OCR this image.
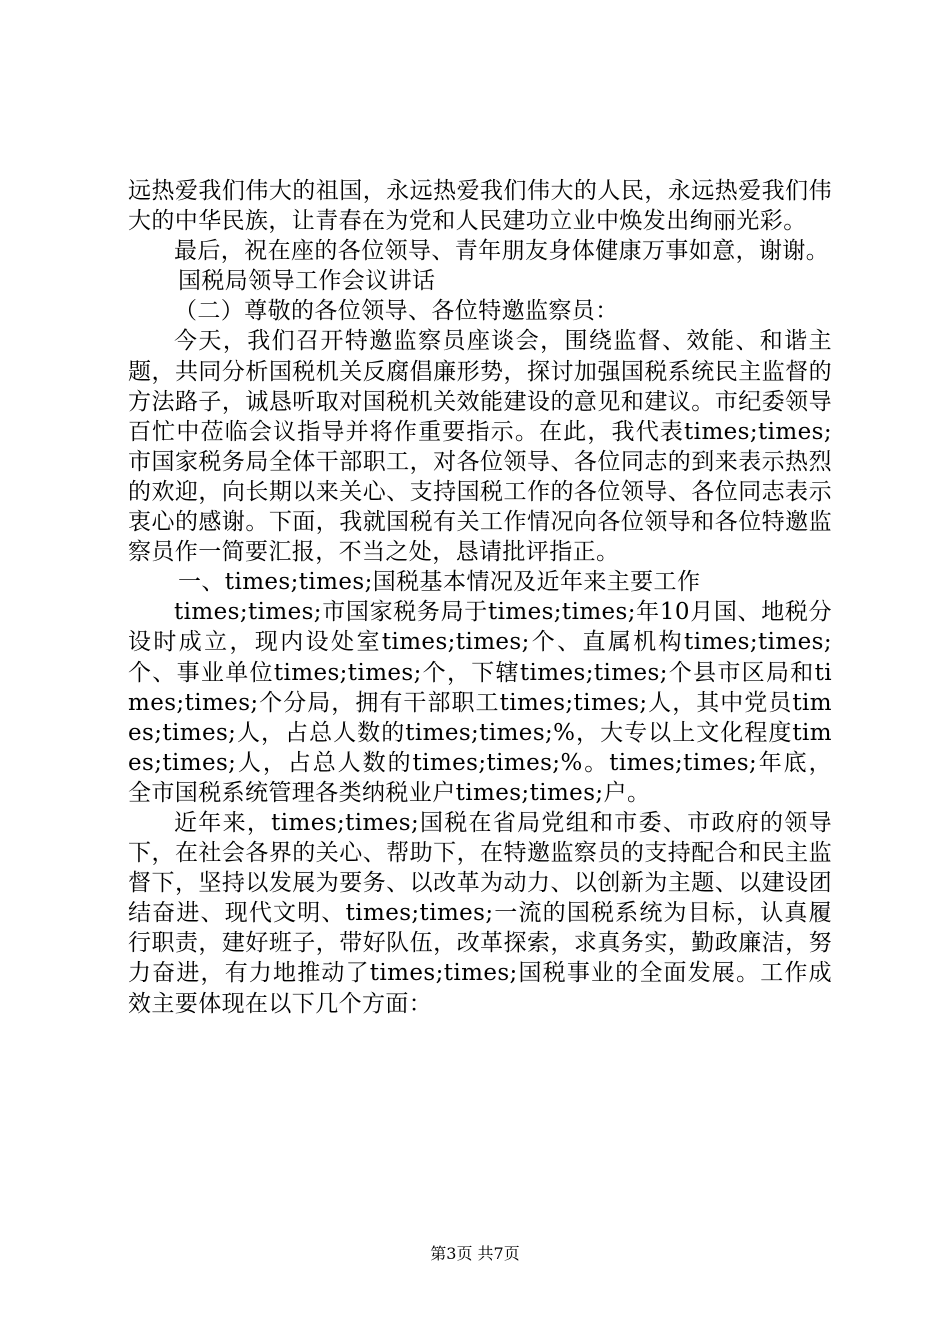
远热爱我们伟大的祖国，永远热爱我们伟大的人民，永远热爱我们伟大的中华民族，让青春在为党和人民建功立业中焕发出绚丽光彩。

最后，祝在座的各位领导、青年朋友身体健康万事如意，谢谢。

国税局领导工作会议讲话

（二）尊敬的各位领导、各位特邀监察员：

今天，我们召开特邀监察员座谈会，围绕监督、效能、和谐主题，共同分析国税机关反腐倡廉形势，探讨加强国税系统民主监督的方法路子，诚恳听取对国税机关效能建设的意见和建议。市纪委领导百忙中莅临会议指导并将作重要指示。在此，我代表times;times;市国家税务局全体干部职工，对各位领导、各位同志的到来表示热烈的欢迎，向长期以来关心、支持国税工作的各位领导、各位同志表示衷心的感谢。下面，我就国税有关工作情况向各位领导和各位特邀监察员作一简要汇报，不当之处，恳请批评指正。

一、times;times;国税基本情况及近年来主要工作

times;times;市国家税务局于times;times;年10月国、地税分设时成立，现内设处室times;times;个、直属机构times;times;个、事业单位times;times;个，下辖times;times;个县市区局和times;times;个分局，拥有干部职工times;times;人，其中党员times;times;人，占总人数的times;times;%，大专以上文化程度times;times;人，占总人数的times;times;%。times;times;年底，全市国税系统管理各类纳税业户times;times;户。

近年来，times;times;国税在省局党组和市委、市政府的领导下，在社会各界的关心、帮助下，在特邀监察员的支持配合和民主监督下，坚持以发展为要务、以改革为动力、以创新为主题、以建设团结奋进、现代文明、times;times;一流的国税系统为目标，认真履行职责，建好班子，带好队伍，改革探索，求真务实，勤政廉洁，努力奋进，有力地推动了times;times;国税事业的全面发展。工作成效主要体现在以下几个方面：

第3页 共7页
